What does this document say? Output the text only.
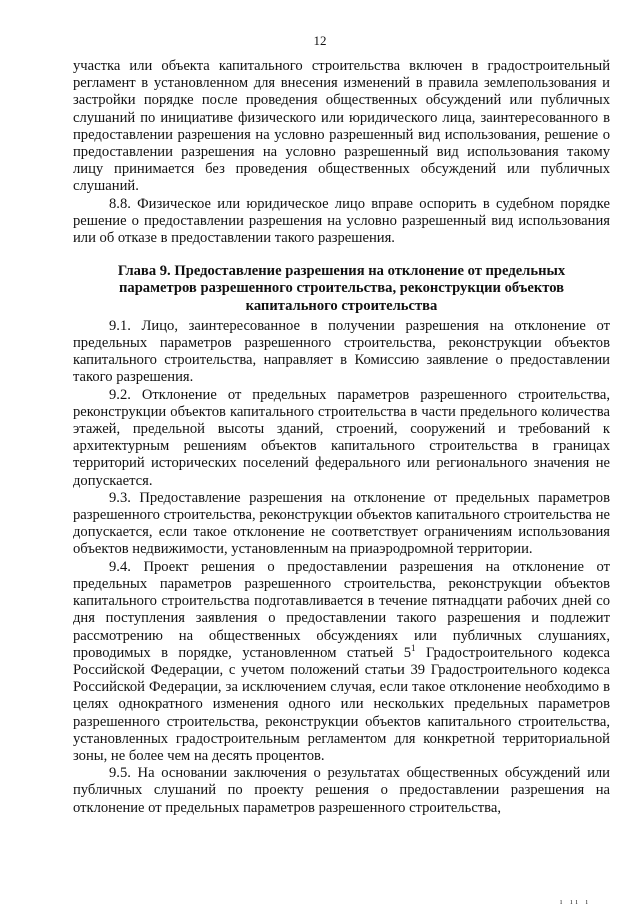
12

участка или объекта капитального строительства включен в градостроительный регламент в установленном для внесения изменений в правила землепользования и застройки порядке после проведения общественных обсуждений или публичных слушаний по инициативе физического или юридического лица, заинтересованного в предоставлении разрешения на условно разрешенный вид использования, решение о предоставлении разрешения на условно разрешенный вид использования такому лицу принимается без проведения общественных обсуждений или публичных слушаний.

8.8. Физическое или юридическое лицо вправе оспорить в судебном порядке решение о предоставлении разрешения на условно разрешенный вид использования или об отказе в предоставлении такого разрешения.

Глава 9. Предоставление разрешения на отклонение от предельных параметров разрешенного строительства, реконструкции объектов капитального строительства

9.1. Лицо, заинтересованное в получении разрешения на отклонение от предельных параметров разрешенного строительства, реконструкции объектов капитального строительства, направляет в Комиссию заявление о предоставлении такого разрешения.

9.2. Отклонение от предельных параметров разрешенного строительства, реконструкции объектов капитального строительства в части предельного количества этажей, предельной высоты зданий, строений, сооружений и требований к архитектурным решениям объектов капитального строительства в границах территорий исторических поселений федерального или регионального значения не допускается.

9.3. Предоставление разрешения на отклонение от предельных параметров разрешенного строительства, реконструкции объектов капитального строительства не допускается, если такое отклонение не соответствует ограничениям использования объектов недвижимости, установленным на приаэродромной территории.

9.4. Проект решения о предоставлении разрешения на отклонение от предельных параметров разрешенного строительства, реконструкции объектов капитального строительства подготавливается в течение пятнадцати рабочих дней со дня поступления заявления о предоставлении такого разрешения и подлежит рассмотрению на общественных обсуждениях или публичных слушаниях, проводимых в порядке, установленном статьей $5^1$ Градостроительного кодекса Российской Федерации, с учетом положений статьи 39 Градостроительного кодекса Российской Федерации, за исключением случая, если такое отклонение необходимо в целях однократного изменения одного или нескольких предельных параметров разрешенного строительства, реконструкции объектов капитального строительства, установленных градостроительным регламентом для конкретной территориальной зоны, не более чем на десять процентов.

9.5. На основании заключения о результатах общественных обсуждений или публичных слушаний по проекту решения о предоставлении разрешения на отклонение от предельных параметров разрешенного строительства,

ı ıı ı
